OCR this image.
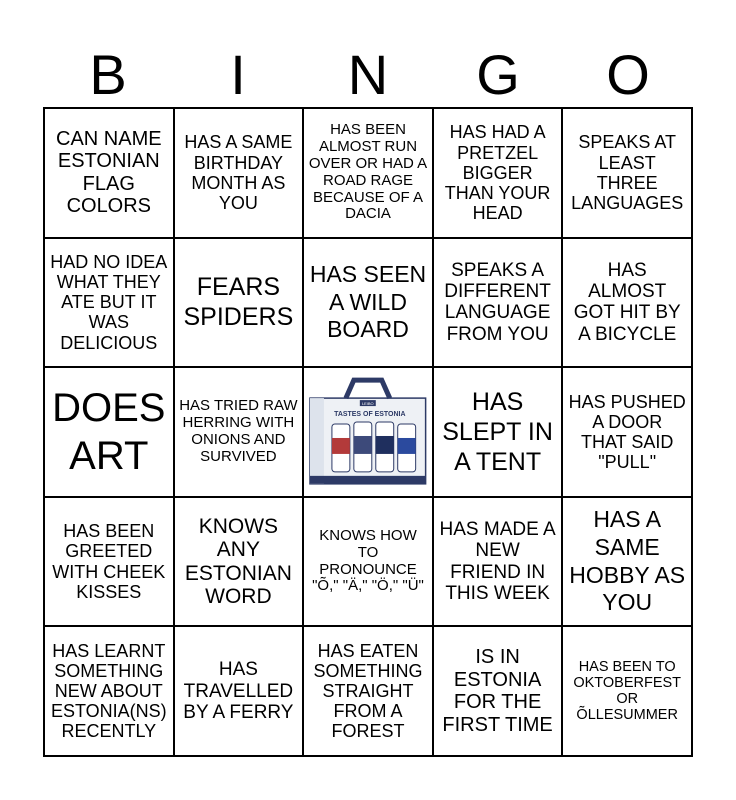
B	I	N	G	O
CAN NAME ESTONIAN FLAG COLORS
HAS A SAME BIRTHDAY MONTH AS YOU
HAS BEEN ALMOST RUN OVER OR HAD A ROAD RAGE BECAUSE OF A DACIA
HAS HAD A PRETZEL BIGGER THAN YOUR HEAD
SPEAKS AT LEAST THREE LANGUAGES
HAD NO IDEA WHAT THEY ATE BUT IT WAS DELICIOUS
FEARS SPIDERS
HAS SEEN A WILD BOARD
SPEAKS A DIFFERENT LANGUAGE FROM YOU
HAS ALMOST GOT HIT BY A BICYCLE
DOES ART
HAS TRIED RAW HERRING WITH ONIONS AND SURVIVED
LEIBO
TASTES OF ESTONIA	HAS SLEPT IN A TENT
HAS PUSHED A DOOR THAT SAID "PULL"
HAS BEEN GREETED WITH CHEEK KISSES
KNOWS ANY ESTONIAN WORD
KNOWS HOW TO PRONOUNCE "Õ," "Ä," "Ö," "Ü"
HAS MADE A NEW FRIEND IN THIS WEEK
HAS A SAME HOBBY AS YOU
HAS LEARNT SOMETHING NEW ABOUT ESTONIA(NS) RECENTLY
HAS TRAVELLED BY A FERRY
HAS EATEN SOMETHING STRAIGHT FROM A FOREST
IS IN ESTONIA FOR THE FIRST TIME
HAS BEEN TO OKTOBERFEST OR ÕLLESUMMER
